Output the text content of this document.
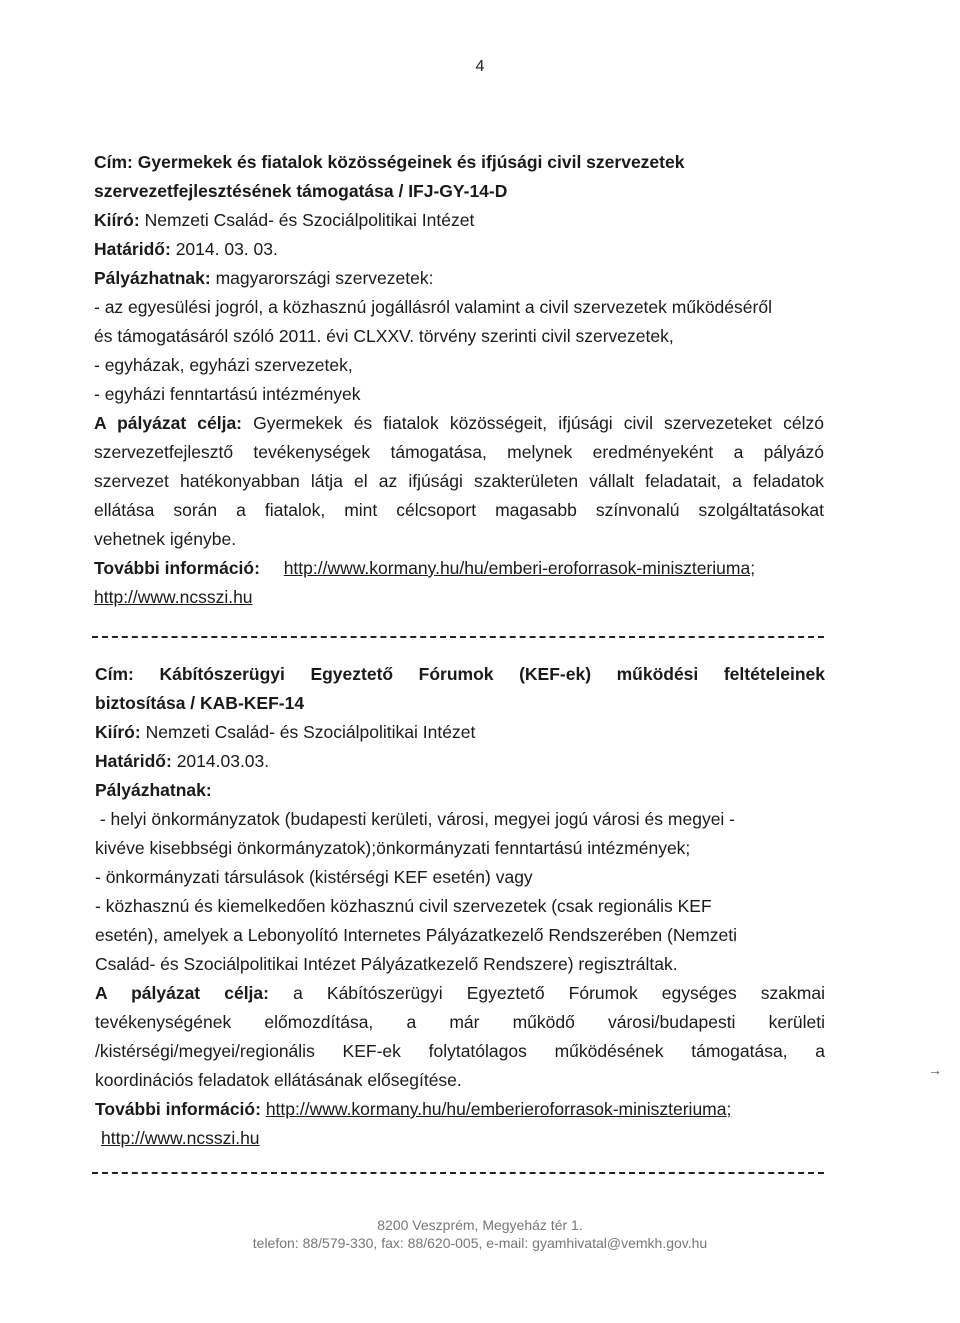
4
Cím: Gyermekek és fiatalok közösségeinek és ifjúsági civil szervezetek
szervezetfejlesztésének támogatása / IFJ-GY-14-D
Kiíró: Nemzeti Család- és Szociálpolitikai Intézet
Határidő: 2014. 03. 03.
Pályázhatnak: magyarországi szervezetek:
- az egyesülési jogról, a közhasznú jogállásról valamint a civil szervezetek működéséről
és támogatásáról szóló 2011. évi CLXXV. törvény szerinti civil szervezetek,
- egyházak, egyházi szervezetek,
- egyházi fenntartású intézmények
A pályázat célja: Gyermekek és fiatalok közösségeit, ifjúsági civil szervezeteket célzó
szervezetfejlesztő tevékenységek támogatása, melynek eredményeként a pályázó
szervezet hatékonyabban látja el az ifjúsági szakterületen vállalt feladatait, a feladatok
ellátása során a fiatalok, mint célcsoport magasabb színvonalú szolgáltatásokat
vehetnek igénybe.
További információ: http://www.kormany.hu/hu/emberi-eroforrasok-miniszteriuma;
http://www.ncsszi.hu
Cím: Kábítószerügyi Egyeztető Fórumok (KEF-ek) működési feltételeinek
biztosítása / KAB-KEF-14
Kiíró: Nemzeti Család- és Szociálpolitikai Intézet
Határidő: 2014.03.03.
Pályázhatnak:
- helyi önkormányzatok (budapesti kerületi, városi, megyei jogú városi és megyei -
kivéve kisebbségi önkormányzatok);önkormányzati fenntartású intézmények;
- önkormányzati társulások (kistérségi KEF esetén) vagy
- közhasznú és kiemelkedően közhasznú civil szervezetek (csak regionális KEF
esetén), amelyek a Lebonyolító Internetes Pályázatkezelő Rendszerében (Nemzeti
Család- és Szociálpolitikai Intézet Pályázatkezelő Rendszere) regisztráltak.
A pályázat célja: a Kábítószerügyi Egyeztető Fórumok egységes szakmai
tevékenységének előmozdítása, a már működő városi/budapesti kerületi
/kistérségi/megyei/regionális KEF-ek folytatólagos működésének támogatása, a
koordinációs feladatok ellátásának elősegítése.
További információ: http://www.kormany.hu/hu/emberieroforrasok-miniszteriuma;
http://www.ncsszi.hu
→
8200 Veszprém, Megyeház tér 1.
telefon: 88/579-330, fax: 88/620-005, e-mail: gyamhivatal@vemkh.gov.hu
